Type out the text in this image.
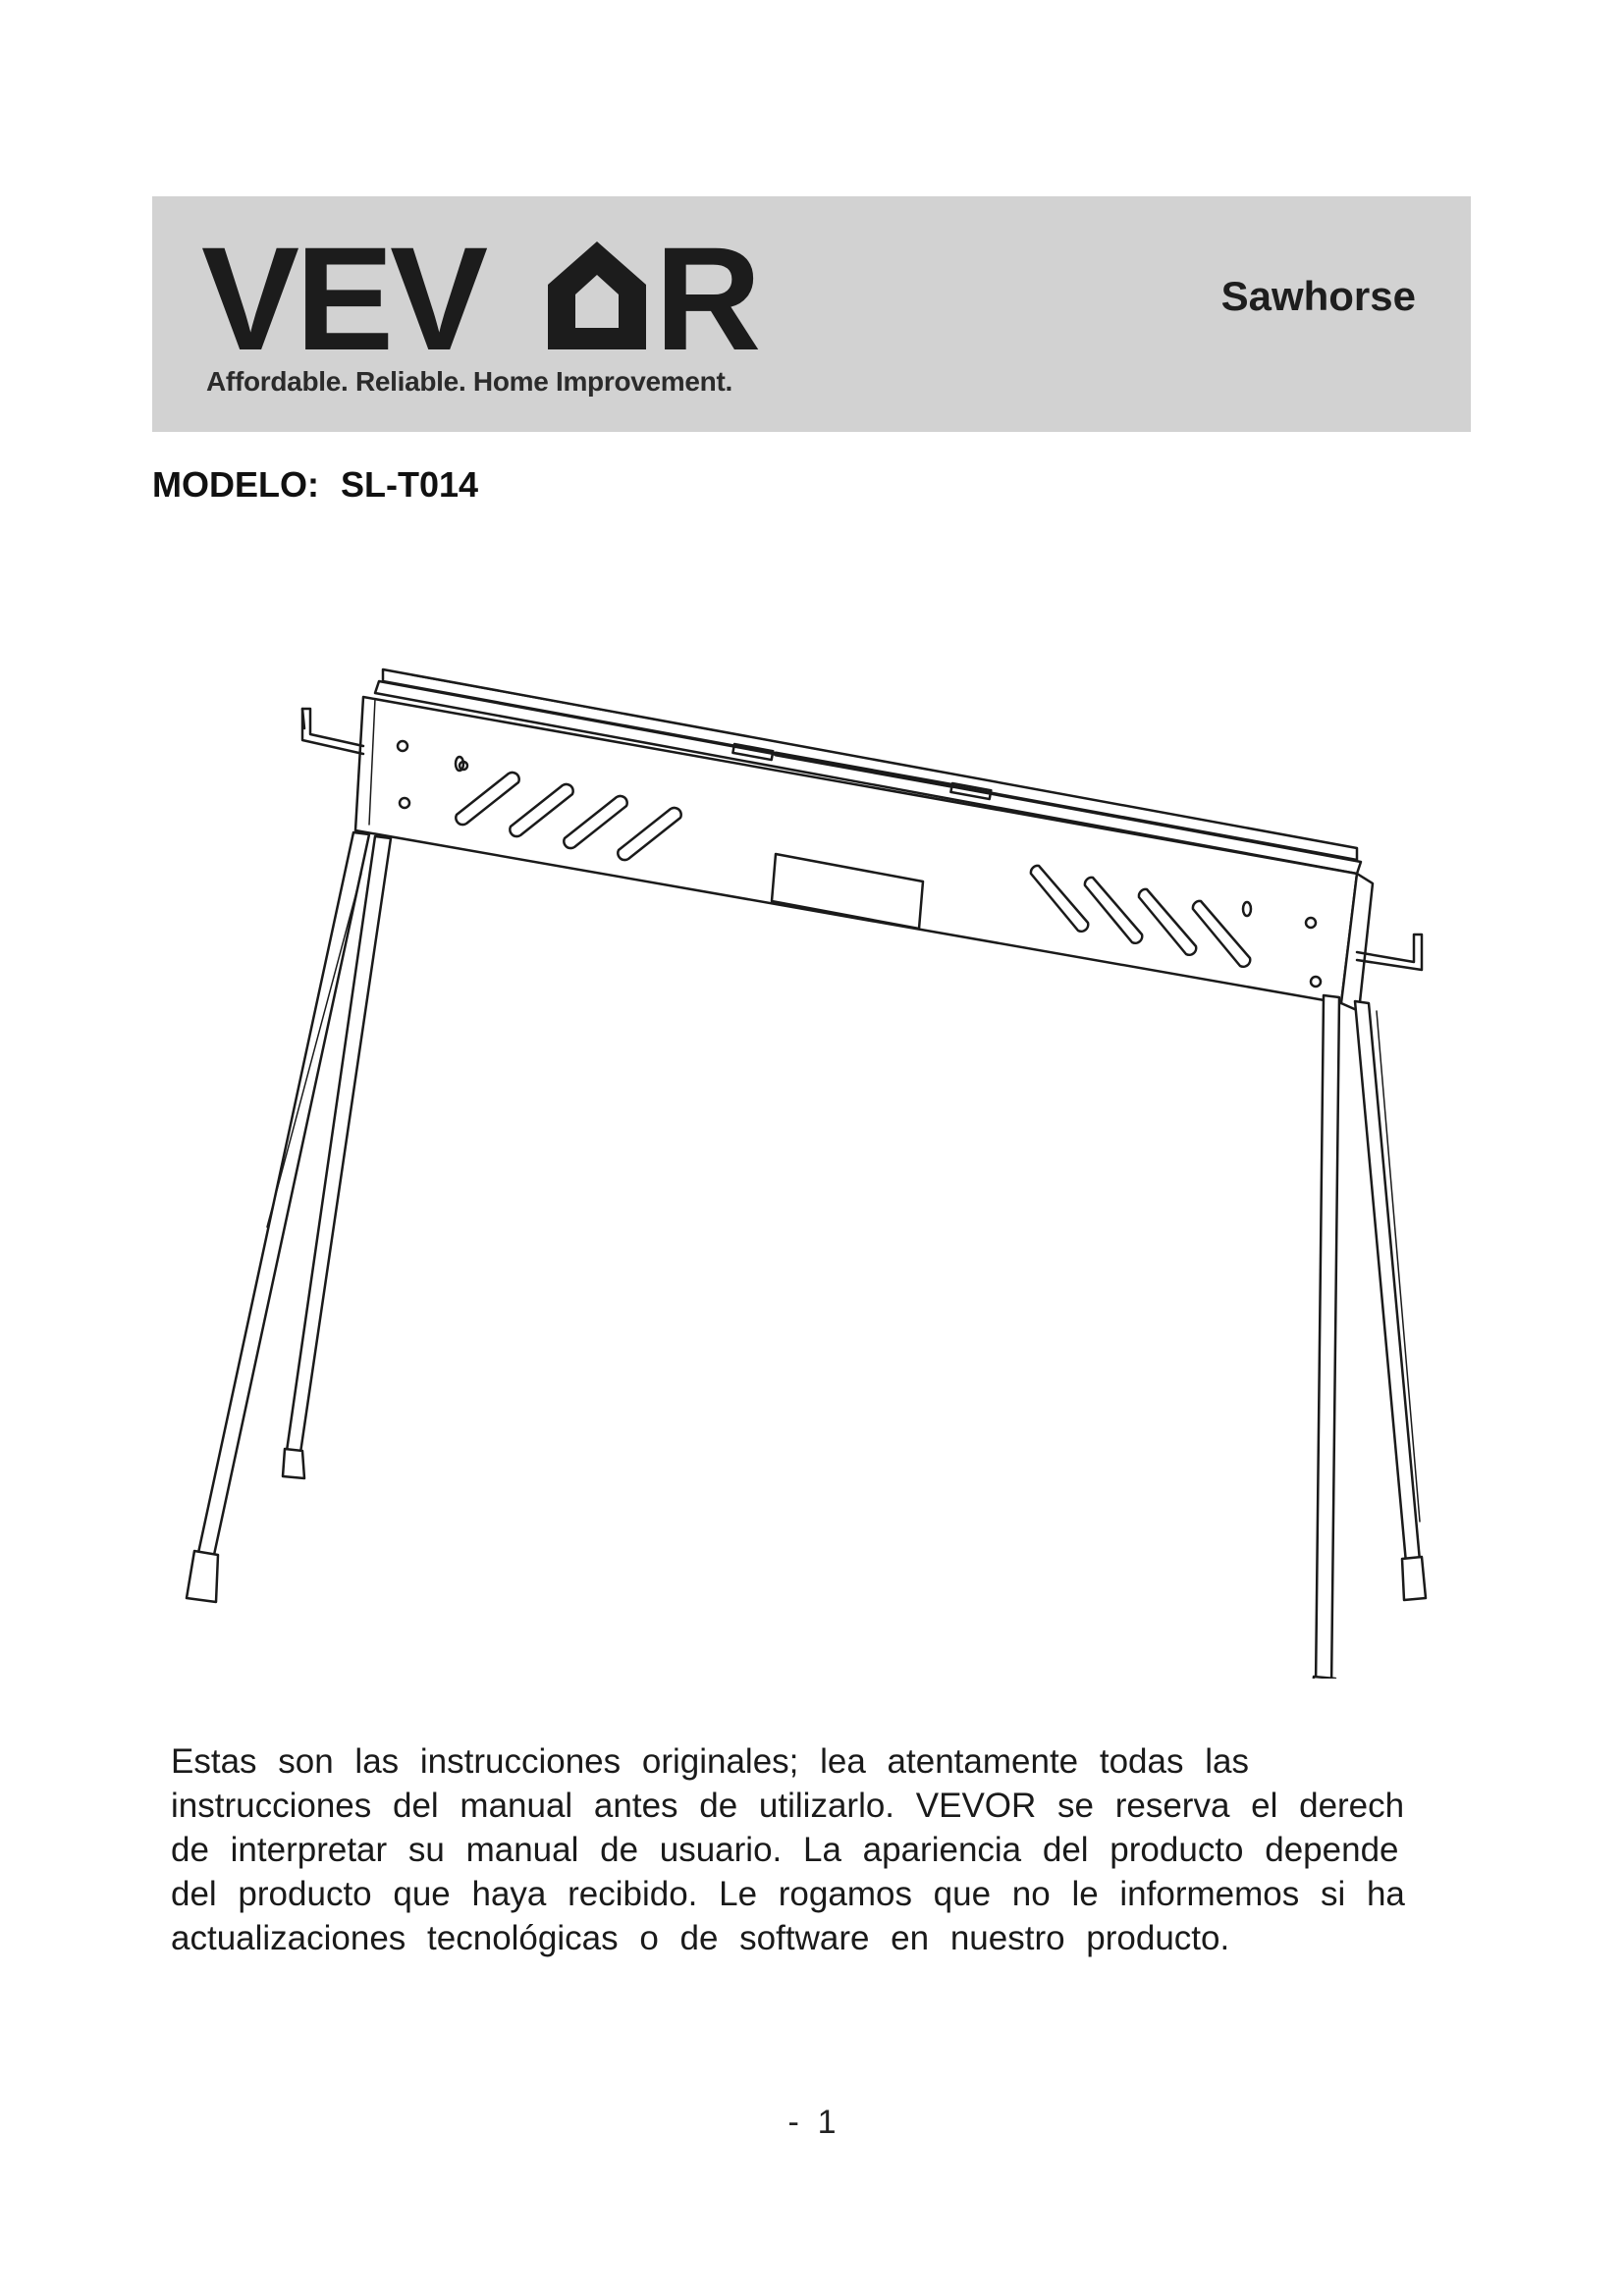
VEV R
Affordable. Reliable. Home Improvement.
Sawhorse
MODELO: SL-T014
Estas son las instrucciones originales; lea atentamente todas las
instrucciones del manual antes de utilizarlo. VEVOR se reserva el derech
de interpretar su manual de usuario. La apariencia del producto depende
del producto que haya recibido. Le rogamos que no le informemos si ha
actualizaciones tecnológicas o de software en nuestro producto.
-  1
